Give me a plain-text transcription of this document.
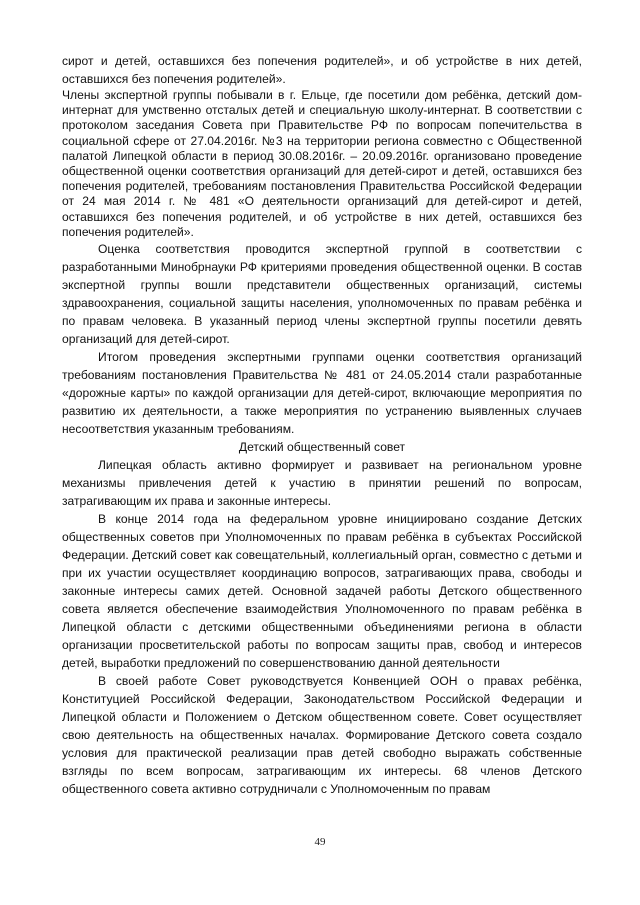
сирот и детей, оставшихся без попечения родителей», и об устройстве в них детей, оставшихся без попечения родителей».

Члены экспертной группы побывали в г. Ельце, где посетили дом ребёнка, детский дом-интернат для умственно отсталых детей и специальную школу-интернат. В соответствии с протоколом заседания Совета при Правительстве РФ по вопросам попечительства в социальной сфере от 27.04.2016г. №3 на территории региона совместно с Общественной палатой Липецкой области в период 30.08.2016г. – 20.09.2016г. организовано проведение общественной оценки соответствия организаций для детей-сирот и детей, оставшихся без попечения родителей, требованиям постановления Правительства Российской Федерации от 24 мая 2014 г. № 481 «О деятельности организаций для детей-сирот и детей, оставшихся без попечения родителей, и об устройстве в них детей, оставшихся без попечения родителей».

Оценка соответствия проводится экспертной группой в соответствии с разработанными Минобрнауки РФ критериями проведения общественной оценки. В состав экспертной группы вошли представители общественных организаций, системы здравоохранения, социальной защиты населения, уполномоченных по правам ребёнка и по правам человека. В указанный период члены экспертной группы посетили девять организаций для детей-сирот.

Итогом проведения экспертными группами оценки соответствия организаций требованиям постановления Правительства № 481 от 24.05.2014 стали разработанные «дорожные карты» по каждой организации для детей-сирот, включающие мероприятия по развитию их деятельности, а также мероприятия по устранению выявленных случаев несоответствия указанным требованиям.

Детский общественный совет

Липецкая область активно формирует и развивает на региональном уровне механизмы привлечения детей к участию в принятии решений по вопросам, затрагивающим их права и законные интересы.

В конце 2014 года на федеральном уровне инициировано создание Детских общественных советов при Уполномоченных по правам ребёнка в субъектах Российской Федерации. Детский совет как совещательный, коллегиальный орган, совместно с детьми и при их участии осуществляет координацию вопросов, затрагивающих права, свободы и законные интересы самих детей. Основной задачей работы Детского общественного совета является обеспечение взаимодействия Уполномоченного по правам ребёнка в Липецкой области с детскими общественными объединениями региона в области организации просветительской работы по вопросам защиты прав, свобод и интересов детей, выработки предложений по совершенствованию данной деятельности

В своей работе Совет руководствуется Конвенцией ООН о правах ребёнка, Конституцией Российской Федерации, Законодательством Российской Федерации и Липецкой области и Положением о Детском общественном совете. Совет осуществляет свою деятельность на общественных началах. Формирование Детского совета создало условия для практической реализации прав детей свободно выражать собственные взгляды по всем вопросам, затрагивающим их интересы. 68 членов Детского общественного совета активно сотрудничали с Уполномоченным по правам

49
